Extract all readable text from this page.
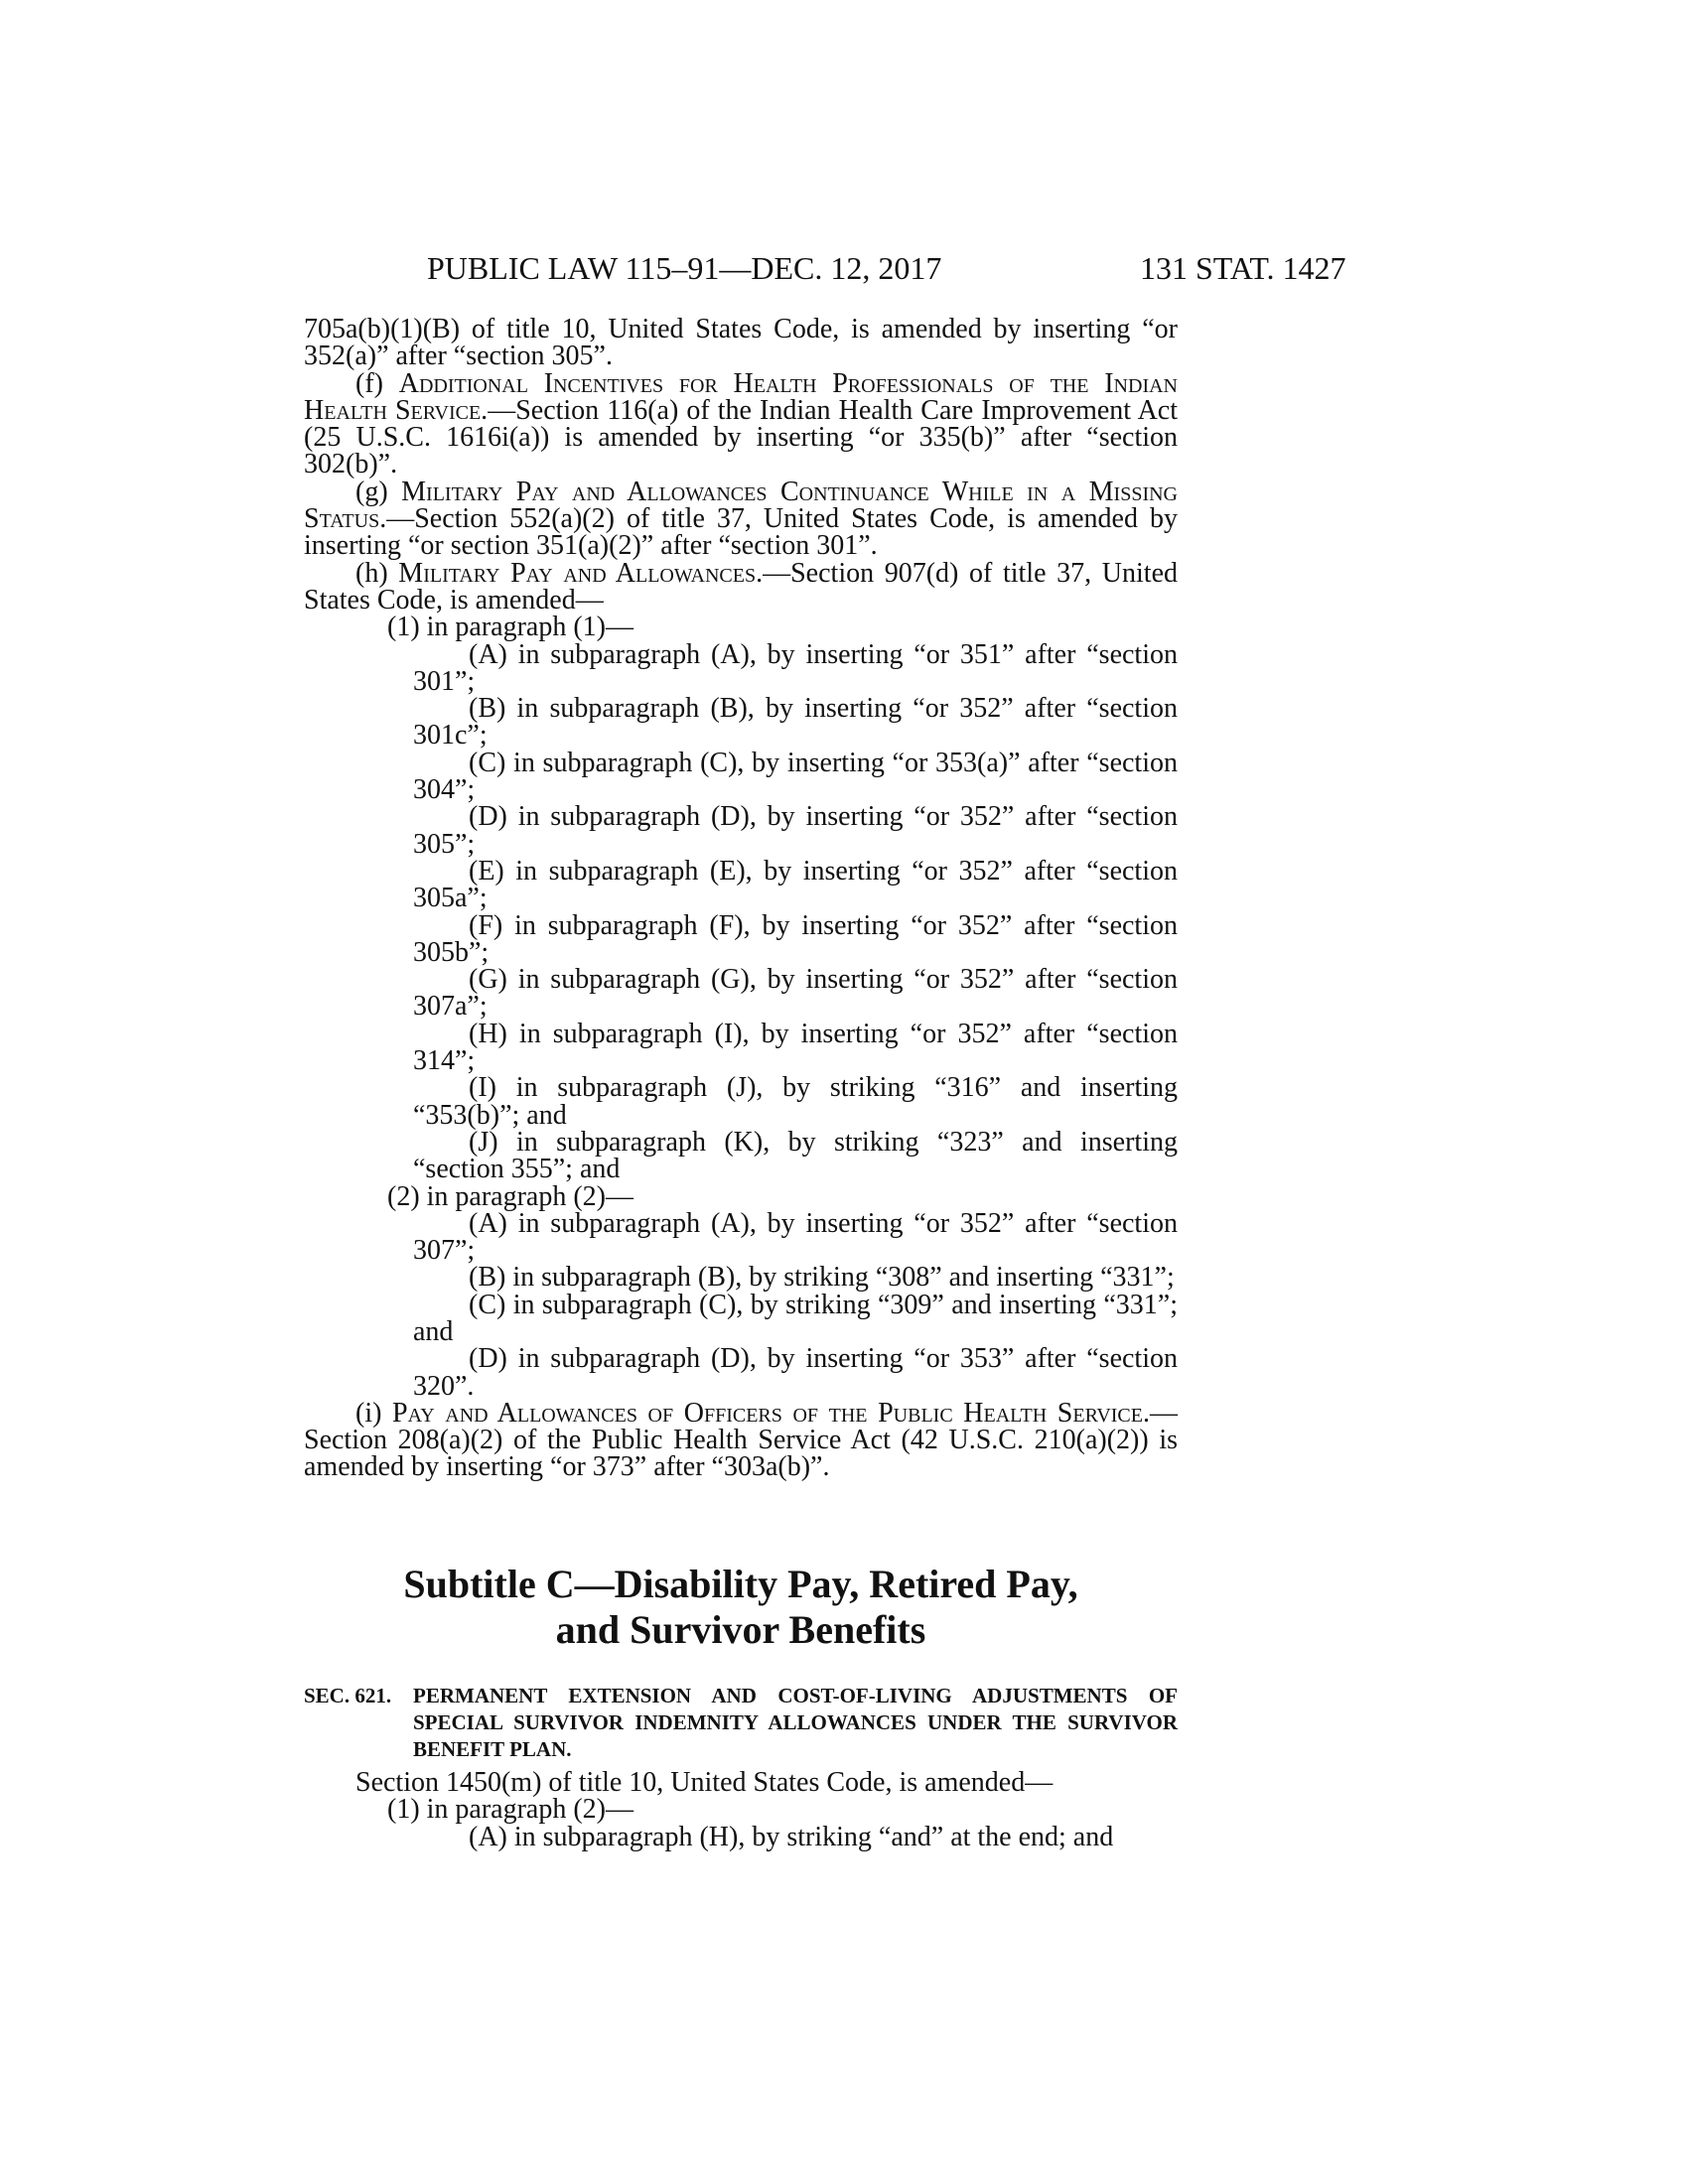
PUBLIC LAW 115–91—DEC. 12, 2017	131 STAT. 1427

705a(b)(1)(B) of title 10, United States Code, is amended by inserting “or 352(a)” after “section 305”.

(f) Additional Incentives for Health Professionals of the Indian Health Service.—Section 116(a) of the Indian Health Care Improvement Act (25 U.S.C. 1616i(a)) is amended by inserting “or 335(b)” after “section 302(b)”.

(g) Military Pay and Allowances Continuance While in a Missing Status.—Section 552(a)(2) of title 37, United States Code, is amended by inserting “or section 351(a)(2)” after “section 301”.

(h) Military Pay and Allowances.—Section 907(d) of title 37, United States Code, is amended—

(1) in paragraph (1)—

(A) in subparagraph (A), by inserting “or 351” after “section 301”;

(B) in subparagraph (B), by inserting “or 352” after “section 301c”;

(C) in subparagraph (C), by inserting “or 353(a)” after “section 304”;

(D) in subparagraph (D), by inserting “or 352” after “section 305”;

(E) in subparagraph (E), by inserting “or 352” after “section 305a”;

(F) in subparagraph (F), by inserting “or 352” after “section 305b”;

(G) in subparagraph (G), by inserting “or 352” after “section 307a”;

(H) in subparagraph (I), by inserting “or 352” after “section 314”;

(I) in subparagraph (J), by striking “316” and inserting “353(b)”; and

(J) in subparagraph (K), by striking “323” and inserting “section 355”; and

(2) in paragraph (2)—

(A) in subparagraph (A), by inserting “or 352” after “section 307”;

(B) in subparagraph (B), by striking “308” and inserting “331”;

(C) in subparagraph (C), by striking “309” and inserting “331”; and

(D) in subparagraph (D), by inserting “or 353” after “section 320”.

(i) Pay and Allowances of Officers of the Public Health Service.—Section 208(a)(2) of the Public Health Service Act (42 U.S.C. 210(a)(2)) is amended by inserting “or 373” after “303a(b)”.

Subtitle C—Disability Pay, Retired Pay,
and Survivor Benefits
SEC. 621.	PERMANENT EXTENSION AND COST-OF-LIVING ADJUSTMENTS OF SPECIAL SURVIVOR INDEMNITY ALLOWANCES UNDER THE SURVIVOR BENEFIT PLAN.

Section 1450(m) of title 10, United States Code, is amended—

(1) in paragraph (2)—

(A) in subparagraph (H), by striking “and” at the end; and
